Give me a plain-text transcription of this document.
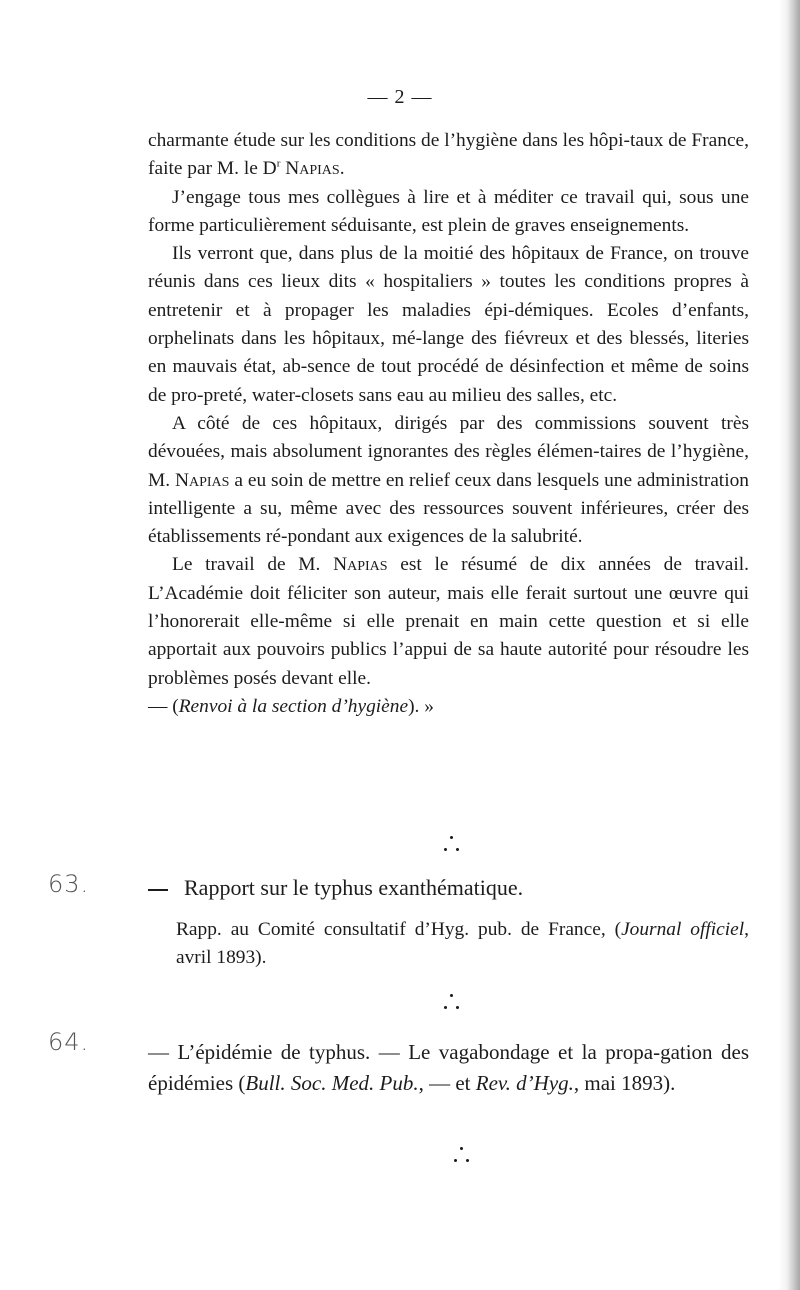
— 2 —

charmante étude sur les conditions de l’hygiène dans les hôpi-taux de France, faite par M. le $D^r$ Napias.

J’engage tous mes collègues à lire et à méditer ce travail qui, sous une forme particulièrement séduisante, est plein de graves enseignements.

Ils verront que, dans plus de la moitié des hôpitaux de France, on trouve réunis dans ces lieux dits « hospitaliers » toutes les conditions propres à entretenir et à propager les maladies épi-démiques. Ecoles d’enfants, orphelinats dans les hôpitaux, mé-lange des fiévreux et des blessés, literies en mauvais état, ab-sence de tout procédé de désinfection et même de soins de pro-preté, water-closets sans eau au milieu des salles, etc.

A côté de ces hôpitaux, dirigés par des commissions souvent très dévouées, mais absolument ignorantes des règles élémen-taires de l’hygiène, M. Napias a eu soin de mettre en relief ceux dans lesquels une administration intelligente a su, même avec des ressources souvent inférieures, créer des établissements ré-pondant aux exigences de la salubrité.

Le travail de M. Napias est le résumé de dix années de travail. L’Académie doit féliciter son auteur, mais elle ferait surtout une œuvre qui l’honorerait elle-même si elle prenait en main cette question et si elle apportait aux pouvoirs publics l’appui de sa haute autorité pour résoudre les problèmes posés devant elle.

— (Renvoi à la section d’hygiène). »

63.	Rapport sur le typhus exanthématique.
Rapp. au Comité consultatif d’Hyg. pub. de France, (Journal officiel, avril 1893).
64.	— L’épidémie de typhus. — Le vagabondage et la propa-gation des épidémies (Bull. Soc. Med. Pub., — et Rev. d’Hyg., mai 1893).
